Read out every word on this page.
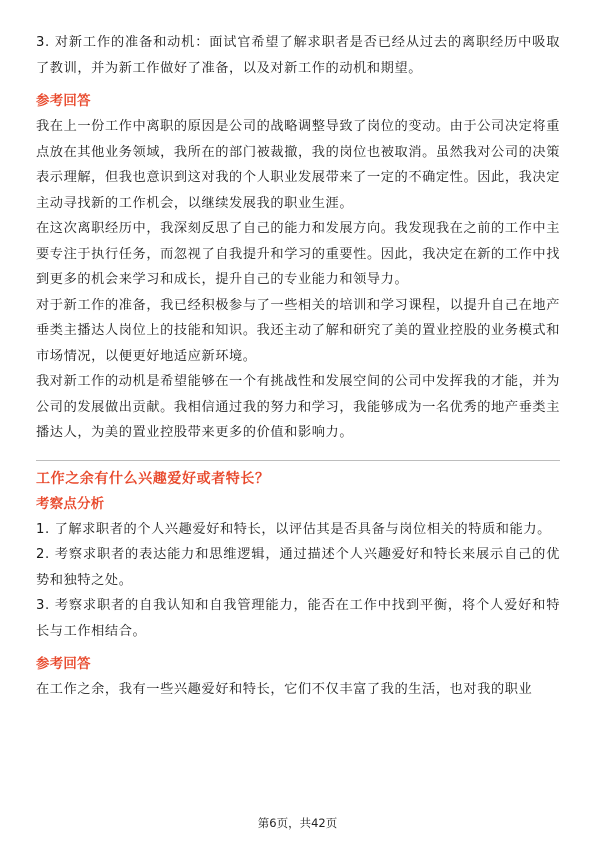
3. 对新工作的准备和动机：面试官希望了解求职者是否已经从过去的离职经历中吸取了教训，并为新工作做好了准备，以及对新工作的动机和期望。

参考回答

我在上一份工作中离职的原因是公司的战略调整导致了岗位的变动。由于公司决定将重点放在其他业务领域，我所在的部门被裁撤，我的岗位也被取消。虽然我对公司的决策表示理解，但我也意识到这对我的个人职业发展带来了一定的不确定性。因此，我决定主动寻找新的工作机会，以继续发展我的职业生涯。

在这次离职经历中，我深刻反思了自己的能力和发展方向。我发现我在之前的工作中主要专注于执行任务，而忽视了自我提升和学习的重要性。因此，我决定在新的工作中找到更多的机会来学习和成长，提升自己的专业能力和领导力。

对于新工作的准备，我已经积极参与了一些相关的培训和学习课程，以提升自己在地产垂类主播达人岗位上的技能和知识。我还主动了解和研究了美的置业控股的业务模式和市场情况，以便更好地适应新环境。

我对新工作的动机是希望能够在一个有挑战性和发展空间的公司中发挥我的才能，并为公司的发展做出贡献。我相信通过我的努力和学习，我能够成为一名优秀的地产垂类主播达人，为美的置业控股带来更多的价值和影响力。

工作之余有什么兴趣爱好或者特长？

考察点分析

1. 了解求职者的个人兴趣爱好和特长，以评估其是否具备与岗位相关的特质和能力。

2. 考察求职者的表达能力和思维逻辑，通过描述个人兴趣爱好和特长来展示自己的优势和独特之处。

3. 考察求职者的自我认知和自我管理能力，能否在工作中找到平衡，将个人爱好和特长与工作相结合。

参考回答

在工作之余，我有一些兴趣爱好和特长，它们不仅丰富了我的生活，也对我的职业

第6页，共42页
